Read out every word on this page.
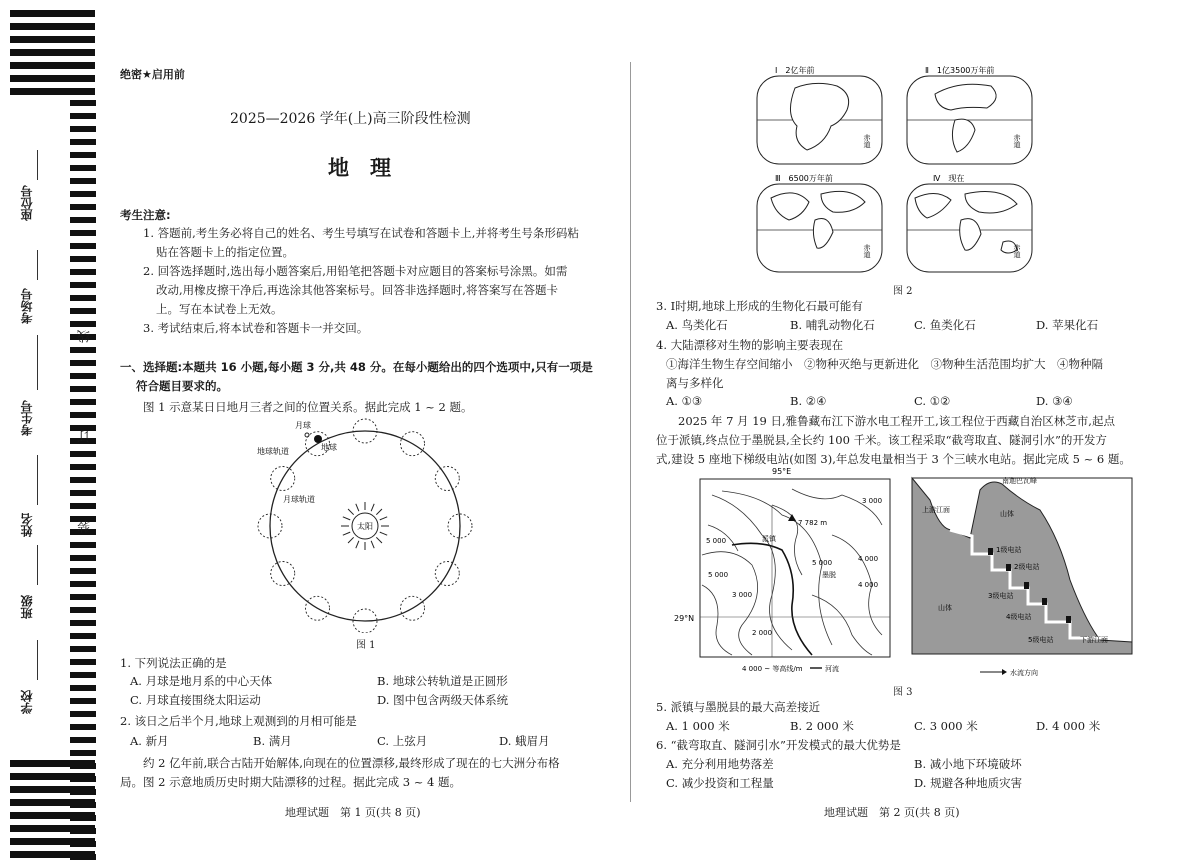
座位号
考场号
考生号
姓名
班级
学校
线
订
装
绝密★启用前
2025—2026 学年(上)高三阶段性检测
地　理
考生注意:
1. 答题前,考生务必将自己的姓名、考生号填写在试卷和答题卡上,并将考生号条形码粘
贴在答题卡上的指定位置。
2. 回答选择题时,选出每小题答案后,用铅笔把答题卡对应题目的答案标号涂黑。如需
改动,用橡皮擦干净后,再选涂其他答案标号。回答非选择题时,将答案写在答题卡
上。写在本试卷上无效。
3. 考试结束后,将本试卷和答题卡一并交回。
一、选择题:本题共 16 小题,每小题 3 分,共 48 分。在每小题给出的四个选项中,只有一项是
符合题目要求的。
图 1 示意某日日地月三者之间的位置关系。据此完成 1 ~ 2 题。
月球
地球
地球轨道
月球轨道
太阳
图 1
1. 下列说法正确的是
A. 月球是地月系的中心天体	B. 地球公转轨道是正圆形
C. 月球直接围绕太阳运动	D. 图中包含两级天体系统
2. 该日之后半个月,地球上观测到的月相可能是
A. 新月	B. 满月	C. 上弦月	D. 蛾眉月
约 2 亿年前,联合古陆开始解体,向现在的位置漂移,最终形成了现在的七大洲分布格
局。图 2 示意地质历史时期大陆漂移的过程。据此完成 3 ~ 4 题。
地理试题　第 1 页(共 8 页)
Ⅰ　2亿年前	Ⅱ　1亿3500万年前
Ⅲ　6500万年前	Ⅳ　现在
赤道	赤道
赤道	赤道
图 2
3. Ⅰ时期,地球上形成的生物化石最可能有
A. 鸟类化石	B. 哺乳动物化石	C. 鱼类化石	D. 苹果化石
4. 大陆漂移对生物的影响主要表现在
①海洋生物生存空间缩小　②物种灭绝与更新进化　③物种生活范围均扩大　④物种隔
离与多样化
A. ①③	B. ②④	C. ①②	D. ③④
2025 年 7 月 19 日,雅鲁藏布江下游水电工程开工,该工程位于西藏自治区林芝市,起点
位于派镇,终点位于墨脱县,全长约 100 千米。该工程采取“截弯取直、隧洞引水”的开发方
式,建设 5 座地下梯级电站(如图 3),年总发电量相当于 3 个三峡水电站。据此完成 5 ~ 6 题。
95°E
29°N
7 782 m
3 000
5 000
4 000
4 000
5 000
2 000
3 000
5 000
派镇
墨脱
4 000 ~ 等高线/m	河流
南迦巴瓦峰
上游江面	山体
山体
1级电站
2级电站
3级电站
4级电站
5级电站	下游江面
水流方向
图 3
5. 派镇与墨脱县的最大高差接近
A. 1 000 米	B. 2 000 米	C. 3 000 米	D. 4 000 米
6. “截弯取直、隧洞引水”开发模式的最大优势是
A. 充分利用地势落差	B. 减小地下环境破坏
C. 减少投资和工程量	D. 规避各种地质灾害
地理试题　第 2 页(共 8 页)
